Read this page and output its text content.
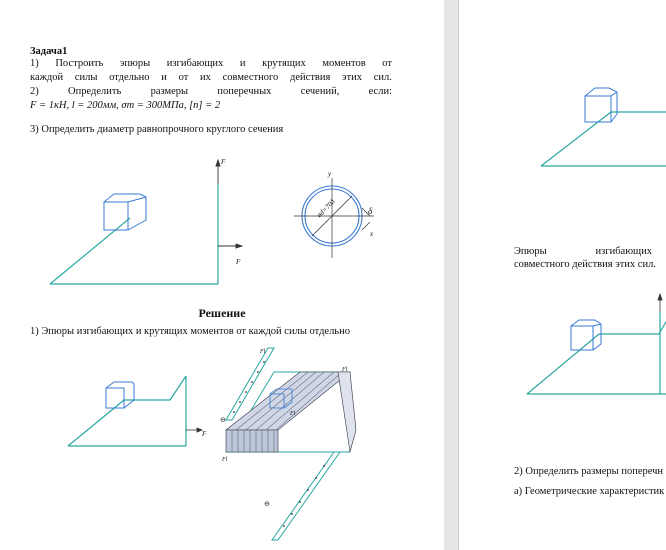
Задача1
1) Построить эпюры изгибающих и крутящих моментов от
каждой силы отдельно и от их совместного действия этих сил.
2)	Определить	размеры	поперечных	сечений,	если:
F = 1кН, l = 200мм, σт = 300МПа, [n] = 2
3) Определить диаметр равнопрочного круглого сечения
F
F
y
x
δ
ød=70δ
Решение
1) Эпюры изгибающих и крутящих моментов от каждой силы отдельно
Fl
Fl
Fl
Fl
F
⊖
⊖
Эпюры	изгибающих
совместного действия этих сил.
2) Определить размеры поперечн
а) Геометрические характеристик
